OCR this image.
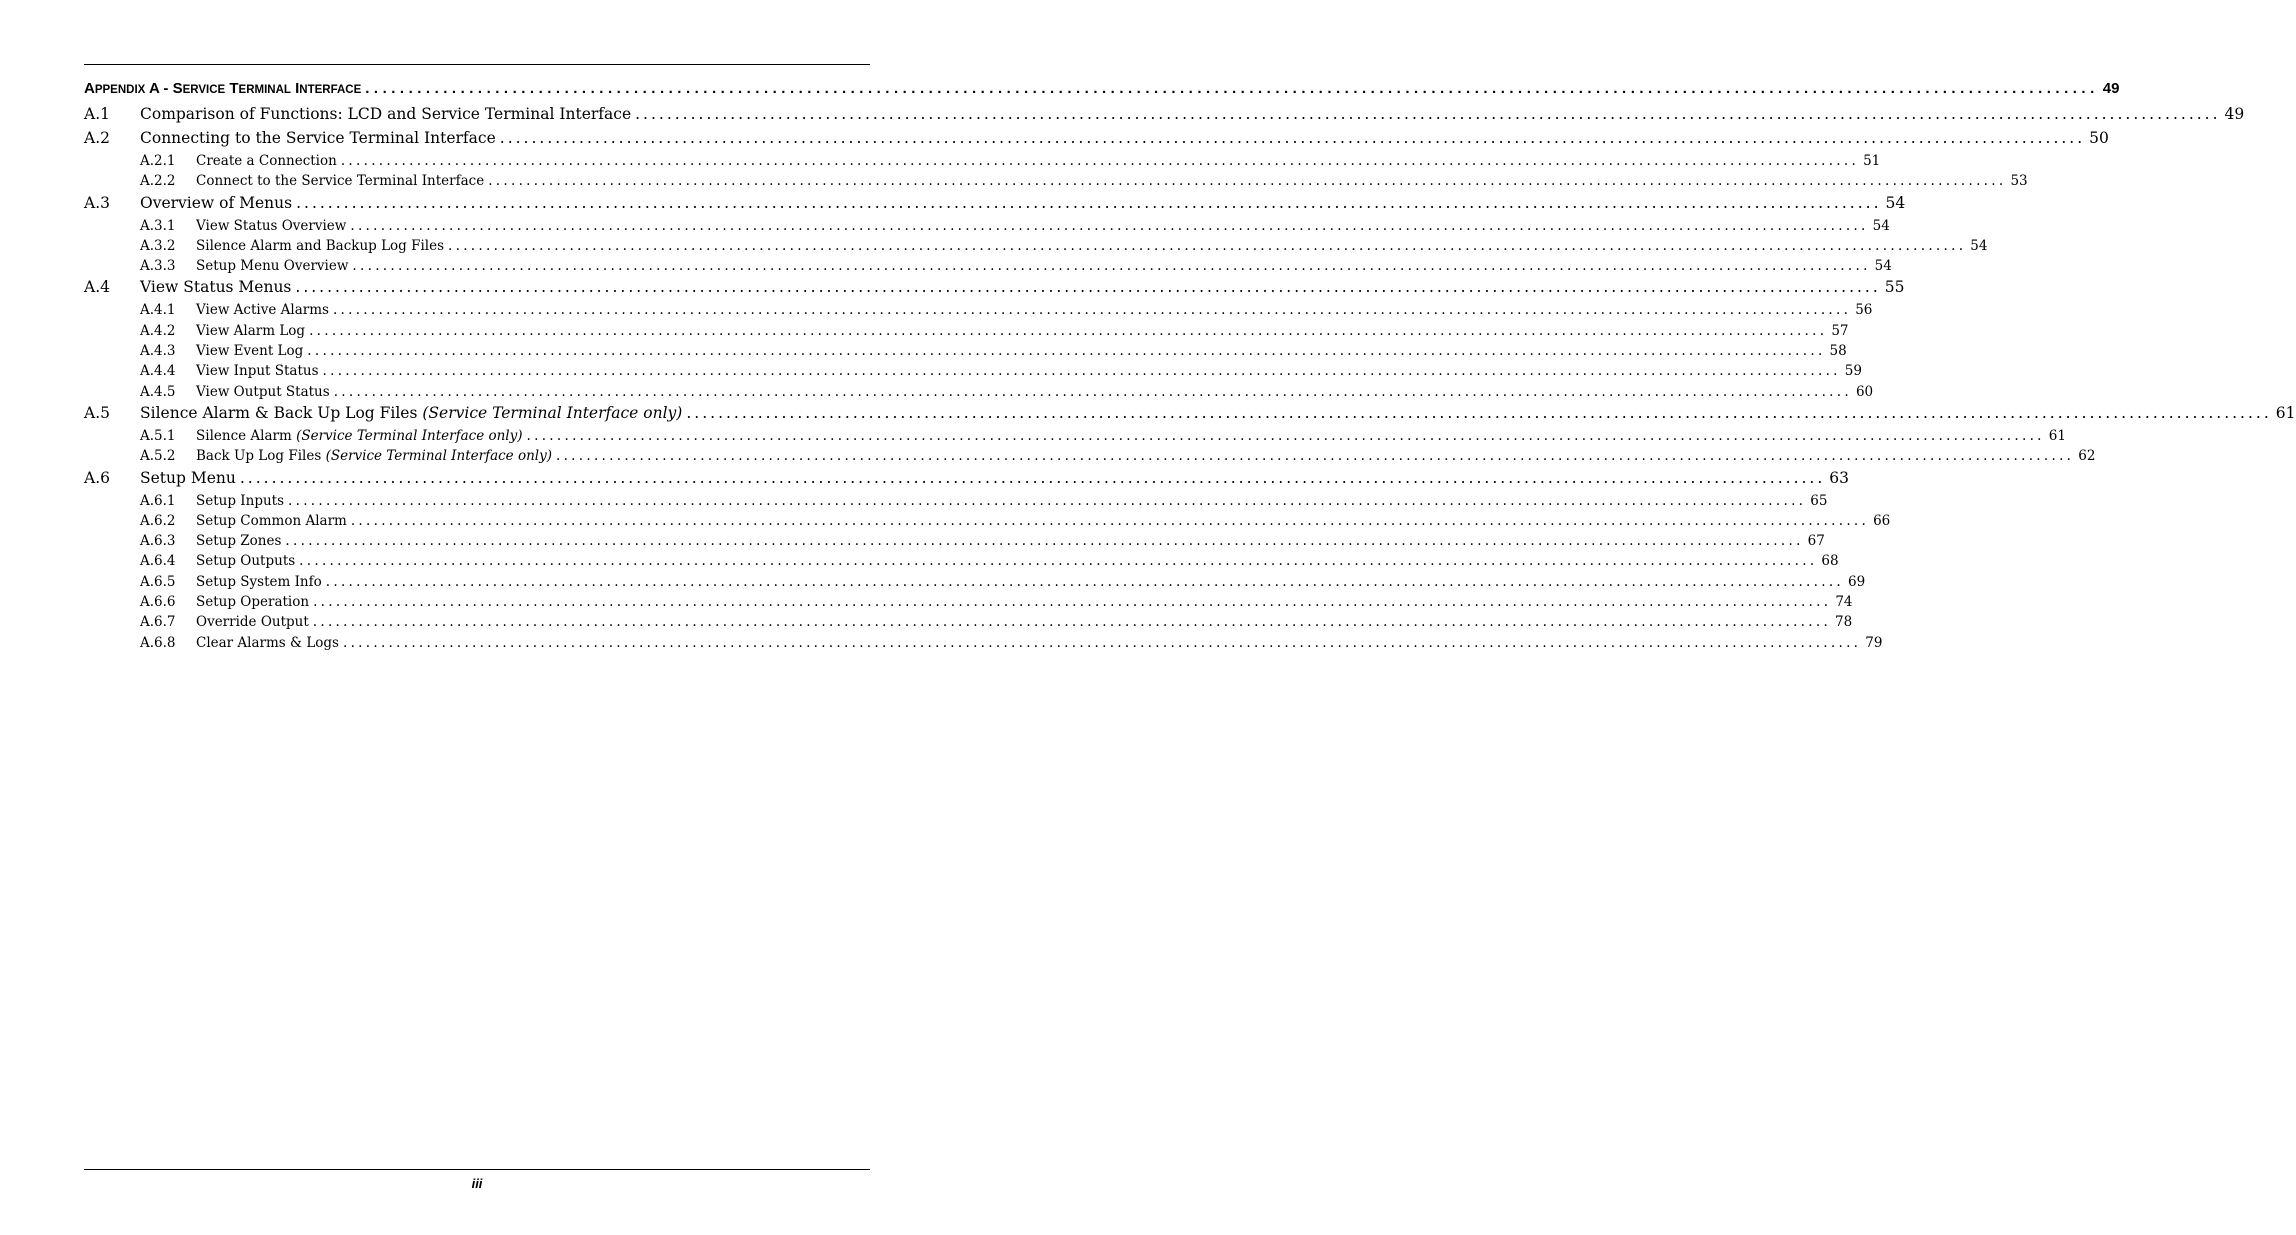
APPENDIX A - SERVICE TERMINAL INTERFACE ........................................................................................................................................................................................................ 49
A.1	Comparison of Functions: LCD and Service Terminal Interface ........................................................................................................................................................................................................ 49
A.2	Connecting to the Service Terminal Interface ........................................................................................................................................................................................................ 50
A.2.1	Create a Connection ........................................................................................................................................................................................................ 51
A.2.2	Connect to the Service Terminal Interface ........................................................................................................................................................................................................ 53
A.3	Overview of Menus ........................................................................................................................................................................................................ 54
A.3.1	View Status Overview ........................................................................................................................................................................................................ 54
A.3.2	Silence Alarm and Backup Log Files ........................................................................................................................................................................................................ 54
A.3.3	Setup Menu Overview ........................................................................................................................................................................................................ 54
A.4	View Status Menus ........................................................................................................................................................................................................ 55
A.4.1	View Active Alarms ........................................................................................................................................................................................................ 56
A.4.2	View Alarm Log ........................................................................................................................................................................................................ 57
A.4.3	View Event Log ........................................................................................................................................................................................................ 58
A.4.4	View Input Status ........................................................................................................................................................................................................ 59
A.4.5	View Output Status ........................................................................................................................................................................................................ 60
A.5	Silence Alarm & Back Up Log Files (Service Terminal Interface only) ........................................................................................................................................................................................................ 61
A.5.1	Silence Alarm (Service Terminal Interface only) ........................................................................................................................................................................................................ 61
A.5.2	Back Up Log Files (Service Terminal Interface only) ........................................................................................................................................................................................................ 62
A.6	Setup Menu ........................................................................................................................................................................................................ 63
A.6.1	Setup Inputs ........................................................................................................................................................................................................ 65
A.6.2	Setup Common Alarm ........................................................................................................................................................................................................ 66
A.6.3	Setup Zones ........................................................................................................................................................................................................ 67
A.6.4	Setup Outputs ........................................................................................................................................................................................................ 68
A.6.5	Setup System Info ........................................................................................................................................................................................................ 69
A.6.6	Setup Operation ........................................................................................................................................................................................................ 74
A.6.7	Override Output ........................................................................................................................................................................................................ 78
A.6.8	Clear Alarms & Logs ........................................................................................................................................................................................................ 79
iii
